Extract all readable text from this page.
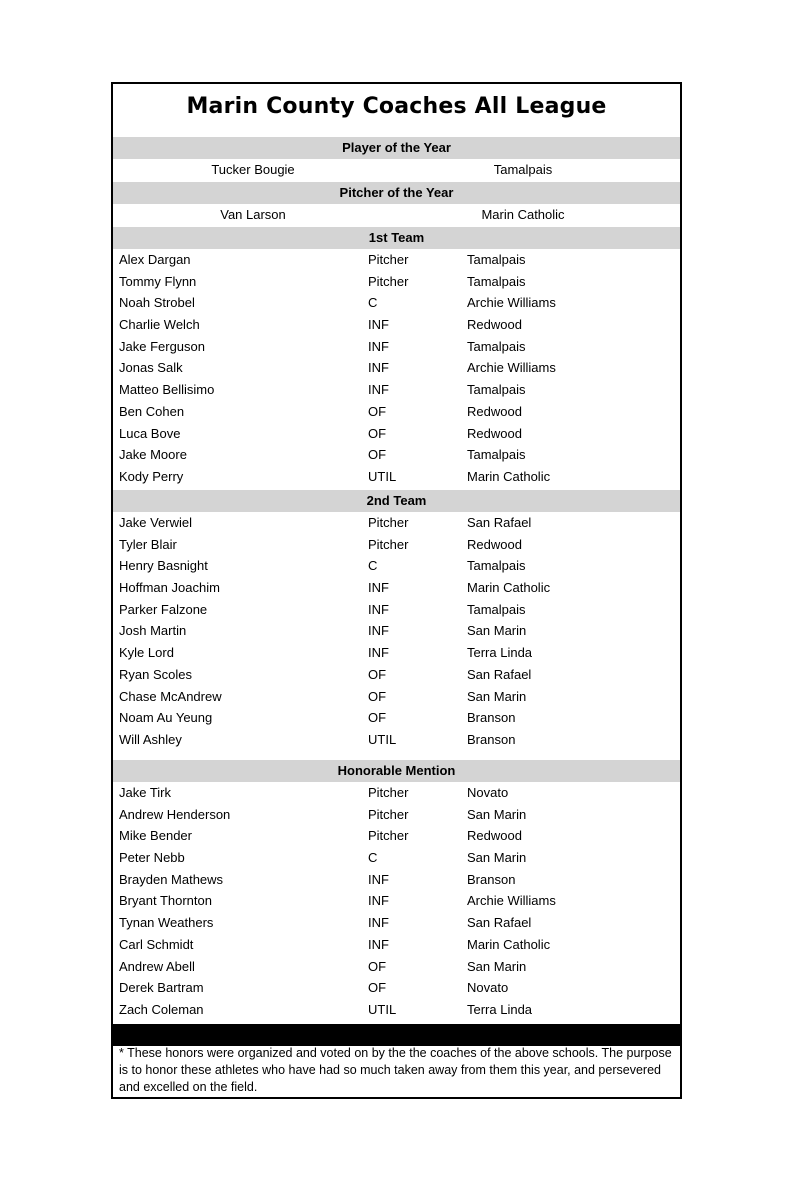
Marin County Coaches All League
Player of the Year
Tucker Bougie	Tamalpais
Pitcher of the Year
Van Larson	Marin Catholic
1st Team
Alex Dargan	Pitcher	Tamalpais
Tommy Flynn	Pitcher	Tamalpais
Noah Strobel	C	Archie Williams
Charlie Welch	INF	Redwood
Jake Ferguson	INF	Tamalpais
Jonas Salk	INF	Archie Williams
Matteo Bellisimo	INF	Tamalpais
Ben Cohen	OF	Redwood
Luca Bove	OF	Redwood
Jake Moore	OF	Tamalpais
Kody Perry	UTIL	Marin Catholic
2nd Team
Jake Verwiel	Pitcher	San Rafael
Tyler Blair	Pitcher	Redwood
Henry Basnight	C	Tamalpais
Hoffman Joachim	INF	Marin Catholic
Parker Falzone	INF	Tamalpais
Josh Martin	INF	San Marin
Kyle Lord	INF	Terra Linda
Ryan Scoles	OF	San Rafael
Chase McAndrew	OF	San Marin
Noam Au Yeung	OF	Branson
Will Ashley	UTIL	Branson
Honorable Mention
Jake Tirk	Pitcher	Novato
Andrew Henderson	Pitcher	San Marin
Mike Bender	Pitcher	Redwood
Peter Nebb	C	San Marin
Brayden Mathews	INF	Branson
Bryant Thornton	INF	Archie Williams
Tynan Weathers	INF	San Rafael
Carl Schmidt	INF	Marin Catholic
Andrew Abell	OF	San Marin
Derek Bartram	OF	Novato
Zach Coleman	UTIL	Terra Linda
* These honors were organized and voted on by the the coaches of the above schools. The purpose is to honor these athletes who have had so much taken away from them this year, and persevered and excelled on the field.
